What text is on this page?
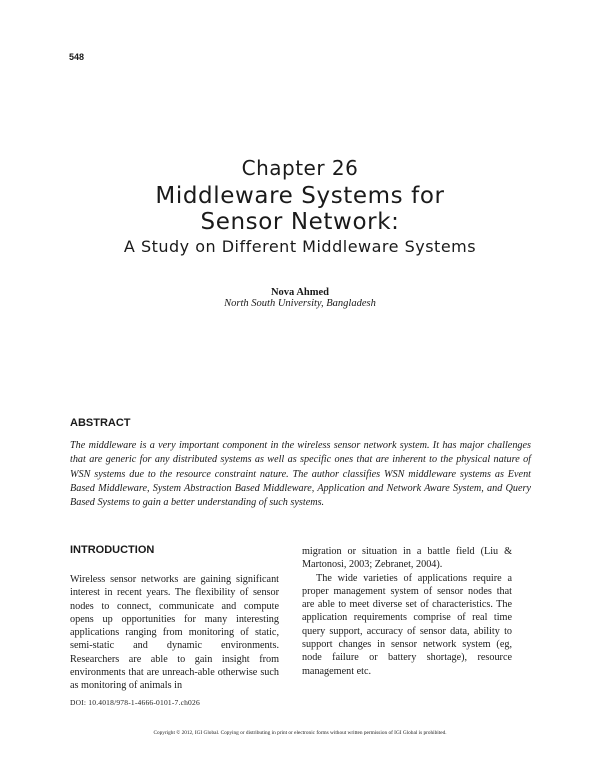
548
Chapter 26
Middleware Systems for
Sensor Network:
A Study on Different Middleware Systems
Nova Ahmed
North South University, Bangladesh
ABSTRACT

The middleware is a very important component in the wireless sensor network system. It has major challenges that are generic for any distributed systems as well as specific ones that are inherent to the physical nature of WSN systems due to the resource constraint nature. The author classifies WSN middleware systems as Event Based Middleware, System Abstraction Based Middleware, Application and Network Aware System, and Query Based Systems to gain a better understanding of such systems.

INTRODUCTION

Wireless sensor networks are gaining significant interest in recent years. The flexibility of sensor nodes to connect, communicate and compute opens up opportunities for many interesting applications ranging from monitoring of static, semi-static and dynamic environments. Researchers are able to gain insight from environments that are unreach-able otherwise such as monitoring of animals in

migration or situation in a battle field (Liu & Martonosi, 2003; Zebranet, 2004).

The wide varieties of applications require a proper management system of sensor nodes that are able to meet diverse set of characteristics. The application requirements comprise of real time query support, accuracy of sensor data, ability to support changes in sensor network system (eg, node failure or battery shortage), resource management etc.

DOI: 10.4018/978-1-4666-0101-7.ch026
Copyright © 2012, IGI Global. Copying or distributing in print or electronic forms without written permission of IGI Global is prohibited.
